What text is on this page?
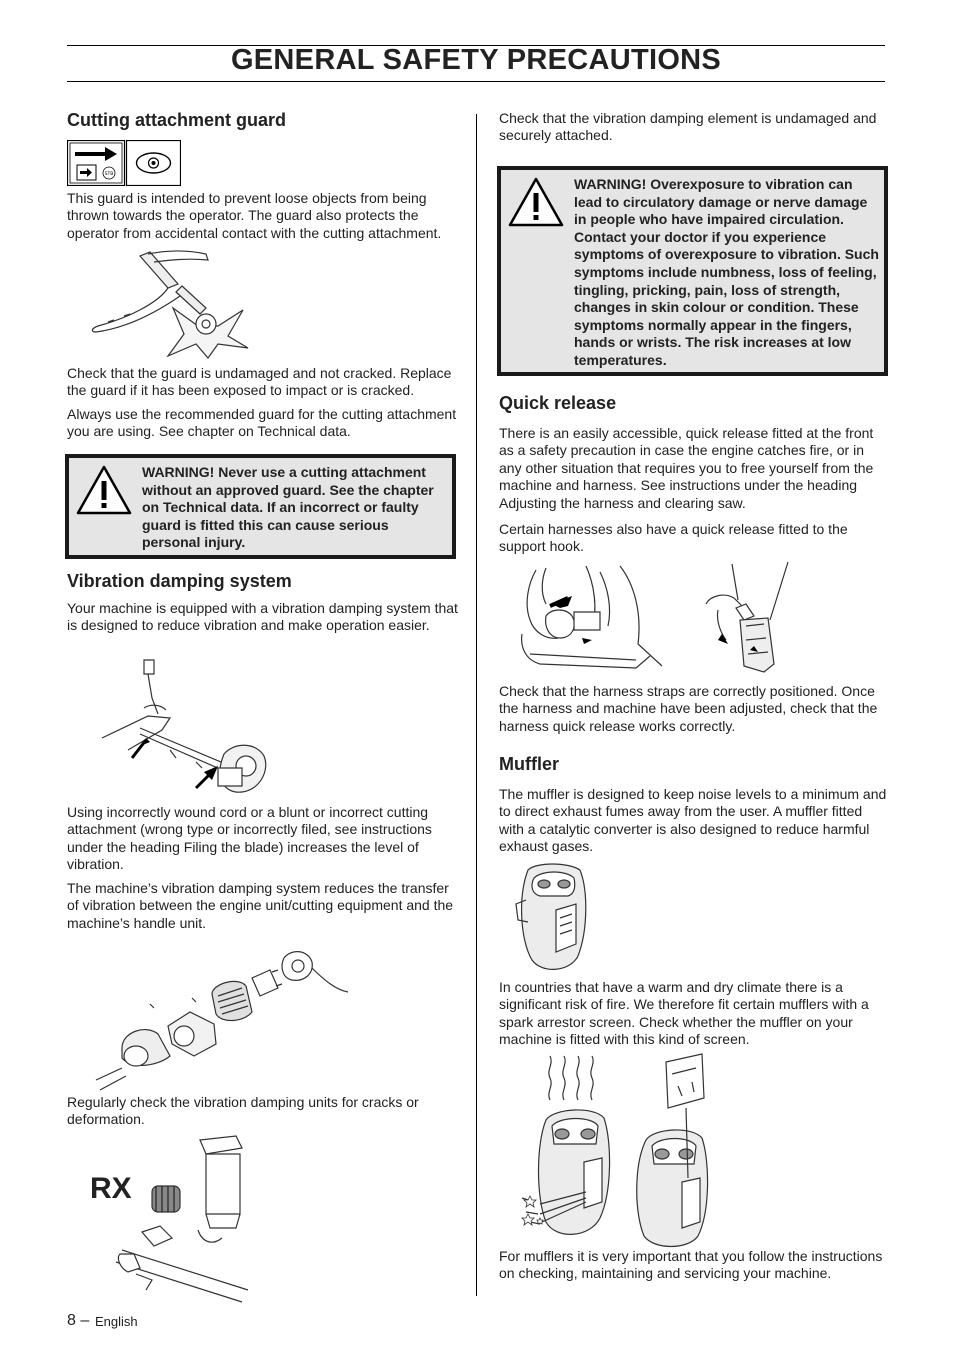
GENERAL SAFETY PRECAUTIONS
Cutting attachment guard
STB

This guard is intended to prevent loose objects from being thrown towards the operator. The guard also protects the operator from accidental contact with the cutting attachment.

Check that the guard is undamaged and not cracked. Replace the guard if it has been exposed to impact or is cracked.

Always use the recommended guard for the cutting attachment you are using. See chapter on Technical data.

WARNING! Never use a cutting attachment without an approved guard. See the chapter on Technical data. If an incorrect or faulty guard is fitted this can cause serious personal injury.

Vibration damping system

Your machine is equipped with a vibration damping system that is designed to reduce vibration and make operation easier.

Using incorrectly wound cord or a blunt or incorrect cutting attachment (wrong type or incorrectly filed, see instructions under the heading Filing the blade) increases the level of vibration.

The machine’s vibration damping system reduces the transfer of vibration between the engine unit/cutting equipment and the machine’s handle unit.

Regularly check the vibration damping units for cracks or deformation.

RX

Check that the vibration damping element is undamaged and securely attached.

WARNING! Overexposure to vibration can lead to circulatory damage or nerve damage in people who have impaired circulation. Contact your doctor if you experience symptoms of overexposure to vibration. Such symptoms include numbness, loss of feeling, tingling, pricking, pain, loss of strength, changes in skin colour or condition. These symptoms normally appear in the fingers, hands or wrists. The risk increases at low temperatures.

Quick release

There is an easily accessible, quick release fitted at the front as a safety precaution in case the engine catches fire, or in any other situation that requires you to free yourself from the machine and harness. See instructions under the heading Adjusting the harness and clearing saw.

Certain harnesses also have a quick release fitted to the support hook.

Check that the harness straps are correctly positioned. Once the harness and machine have been adjusted, check that the harness quick release works correctly.

Muffler

The muffler is designed to keep noise levels to a minimum and to direct exhaust fumes away from the user. A muffler fitted with a catalytic converter is also designed to reduce harmful exhaust gases.

In countries that have a warm and dry climate there is a significant risk of fire. We therefore fit certain mufflers with a spark arrestor screen. Check whether the muffler on your machine is fitted with this kind of screen.

For mufflers it is very important that you follow the instructions on checking, maintaining and servicing your machine.

8 – English
